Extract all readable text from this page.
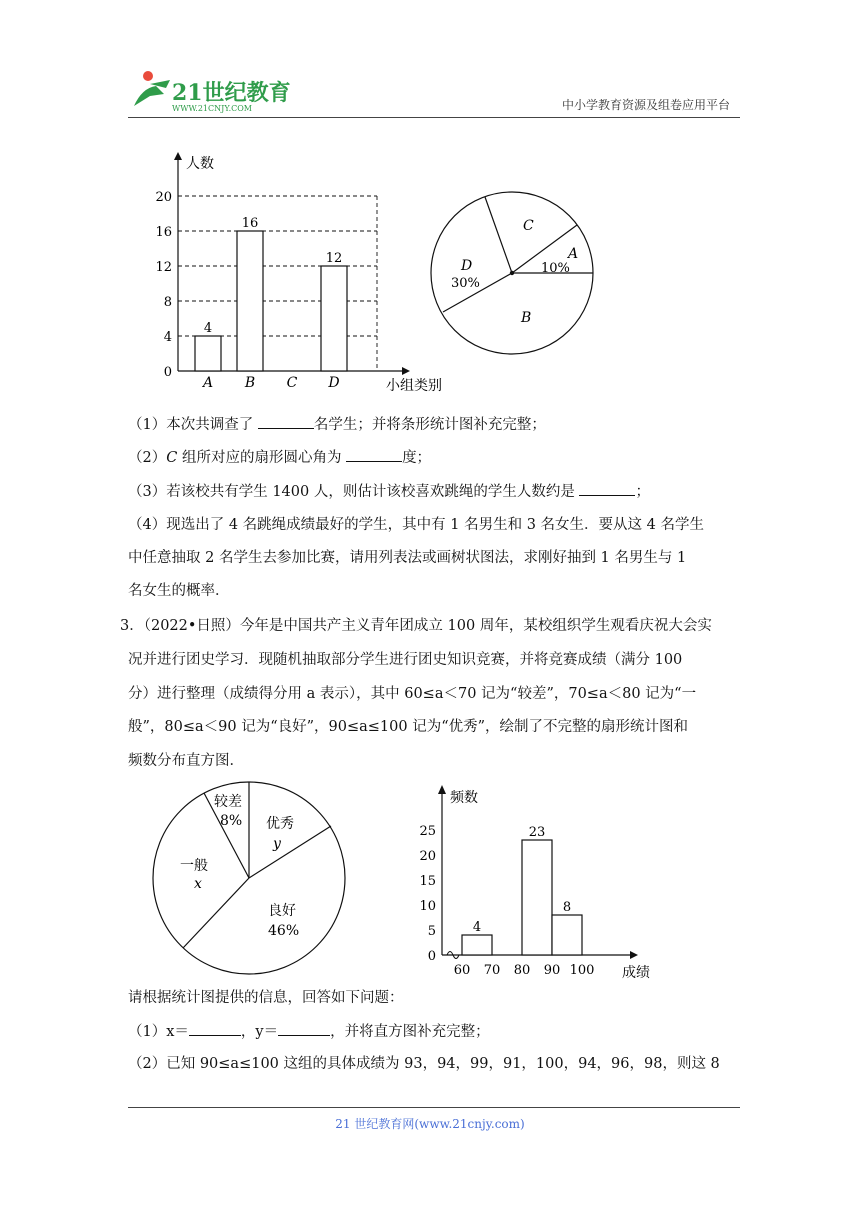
21世纪教育
WWW.21CNJY.COM	中小学教育资源及组卷应用平台
人数
小组类别
0
4
8
12
16
20
A
4
B
16
C D
12	A
10%
B
C
D
30%
（1）本次共调查了	名学生；并将条形统计图补充完整；
（2）C 组所对应的扇形圆心角为	度；
（3）若该校共有学生 1400 人，则估计该校喜欢跳绳的学生人数约是	；
（4）现选出了 4 名跳绳成绩最好的学生，其中有 1 名男生和 3 名女生．要从这 4 名学生
中任意抽取 2 名学生去参加比赛，请用列表法或画树状图法，求刚好抽到 1 名男生与 1
名女生的概率．
3．（2022•日照）今年是中国共产主义青年团成立 100 周年，某校组织学生观看庆祝大会实
况并进行团史学习．现随机抽取部分学生进行团史知识竞赛，并将竞赛成绩（满分 100
分）进行整理（成绩得分用 a 表示），其中 60≤a＜70 记为“较差”，70≤a＜80 记为“一
般”，80≤a＜90 记为“良好”，90≤a≤100 记为“优秀”，绘制了不完整的扇形统计图和
频数分布直方图．
较差
8% 优秀
y
良好
46%
一般
x
频数
成绩
0
5
10
15
20
25
60 70 80 90 100
4
23
8
请根据统计图提供的信息，回答如下问题：
（1）x＝	，y＝	，并将直方图补充完整；
（2）已知 90≤a≤100 这组的具体成绩为 93，94，99，91，100，94，96，98，则这 8
21 世纪教育网(www.21cnjy.com)
